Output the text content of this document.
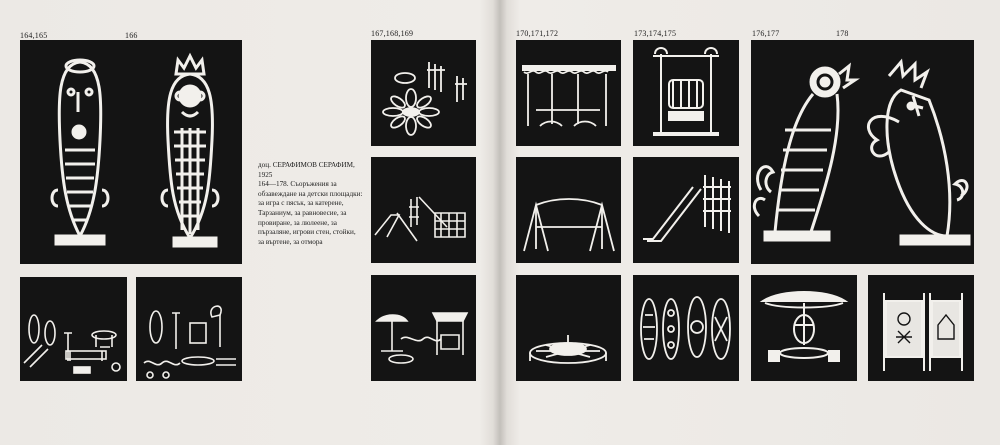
164,165	166	167,168,169	170,171,172	173,174,175	176,177	178

доц. СЕРАФИМОВ СЕРАФИМ,

1925

164—178. Съоръжения за обзавеждане на детски площадки: за игра с пясък, за катерене, Тарзаниум, за равновесие, за провиране, за люлеене, за пързаляне, игрови стен, стойки, за въртене, за отмора
